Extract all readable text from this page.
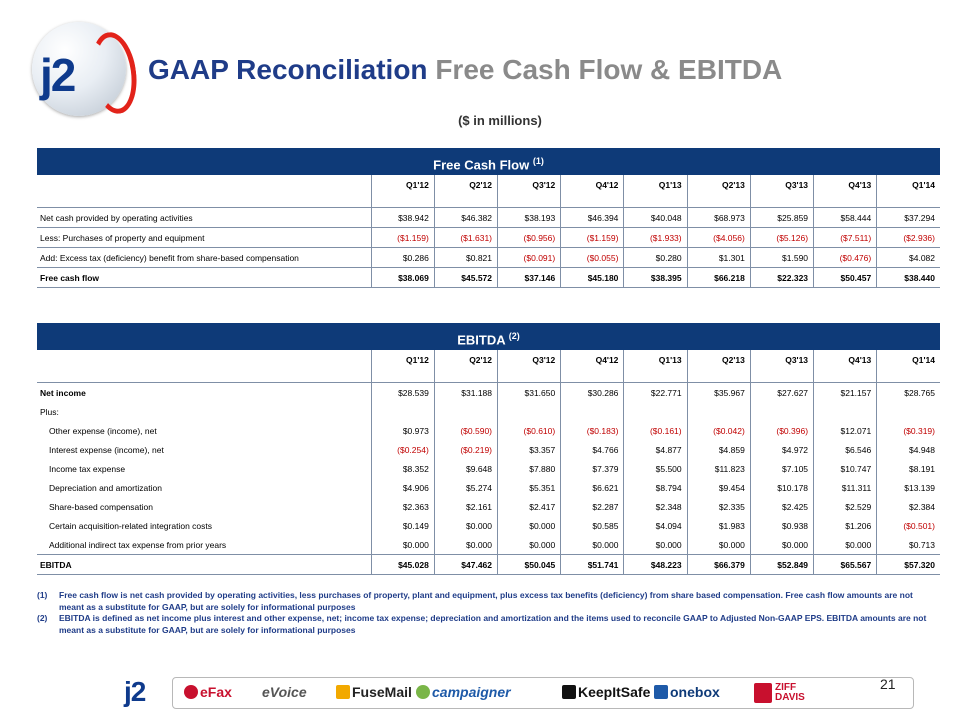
j2	GAAP Reconciliation Free Cash Flow & EBITDA
($ in millions)
Free Cash Flow $^{(1)}$
	Q1'12	Q2'12	Q3'12	Q4'12	Q1'13	Q2'13	Q3'13	Q4'13	Q1'14

Net cash provided by operating activities	$38.942	$46.382	$38.193	$46.394	$40.048	$68.973	$25.859	$58.444	$37.294
Less: Purchases of property and equipment	($1.159)	($1.631)	($0.956)	($1.159)	($1.933)	($4.056)	($5.126)	($7.511)	($2.936)
Add: Excess tax (deficiency) benefit from share-based compensation	$0.286	$0.821	($0.091)	($0.055)	$0.280	$1.301	$1.590	($0.476)	$4.082
Free cash flow	$38.069	$45.572	$37.146	$45.180	$38.395	$66.218	$22.323	$50.457	$38.440
EBITDA $^{(2)}$
	Q1'12	Q2'12	Q3'12	Q4'12	Q1'13	Q2'13	Q3'13	Q4'13	Q1'14

Net income	$28.539	$31.188	$31.650	$30.286	$22.771	$35.967	$27.627	$21.157	$28.765
Plus:									
Other expense (income), net	$0.973	($0.590)	($0.610)	($0.183)	($0.161)	($0.042)	($0.396)	$12.071	($0.319)
Interest expense (income), net	($0.254)	($0.219)	$3.357	$4.766	$4.877	$4.859	$4.972	$6.546	$4.948
Income tax expense	$8.352	$9.648	$7.880	$7.379	$5.500	$11.823	$7.105	$10.747	$8.191
Depreciation and amortization	$4.906	$5.274	$5.351	$6.621	$8.794	$9.454	$10.178	$11.311	$13.139
Share-based compensation	$2.363	$2.161	$2.417	$2.287	$2.348	$2.335	$2.425	$2.529	$2.384
Certain acquisition-related integration costs	$0.149	$0.000	$0.000	$0.585	$4.094	$1.983	$0.938	$1.206	($0.501)
Additional indirect tax expense from prior years	$0.000	$0.000	$0.000	$0.000	$0.000	$0.000	$0.000	$0.000	$0.713
EBITDA	$45.028	$47.462	$50.045	$51.741	$48.223	$66.379	$52.849	$65.567	$57.320
(1)	Free cash flow is net cash provided by operating activities, less purchases of property, plant and equipment, plus excess tax benefits (deficiency) from share based compensation. Free cash flow amounts are not meant as a substitute for GAAP, but are solely for informational purposes
(2)	EBITDA is defined as net income plus interest and other expense, net; income tax expense; depreciation and amortization and the items used to reconcile GAAP to Adjusted Non-GAAP EPS. EBITDA amounts are not meant as a substitute for GAAP, but are solely for informational purposes
j2	eFax eVoice	FuseMail	campaigner	KeepItSafe	onebox	ZIFF
DAVIS
21
